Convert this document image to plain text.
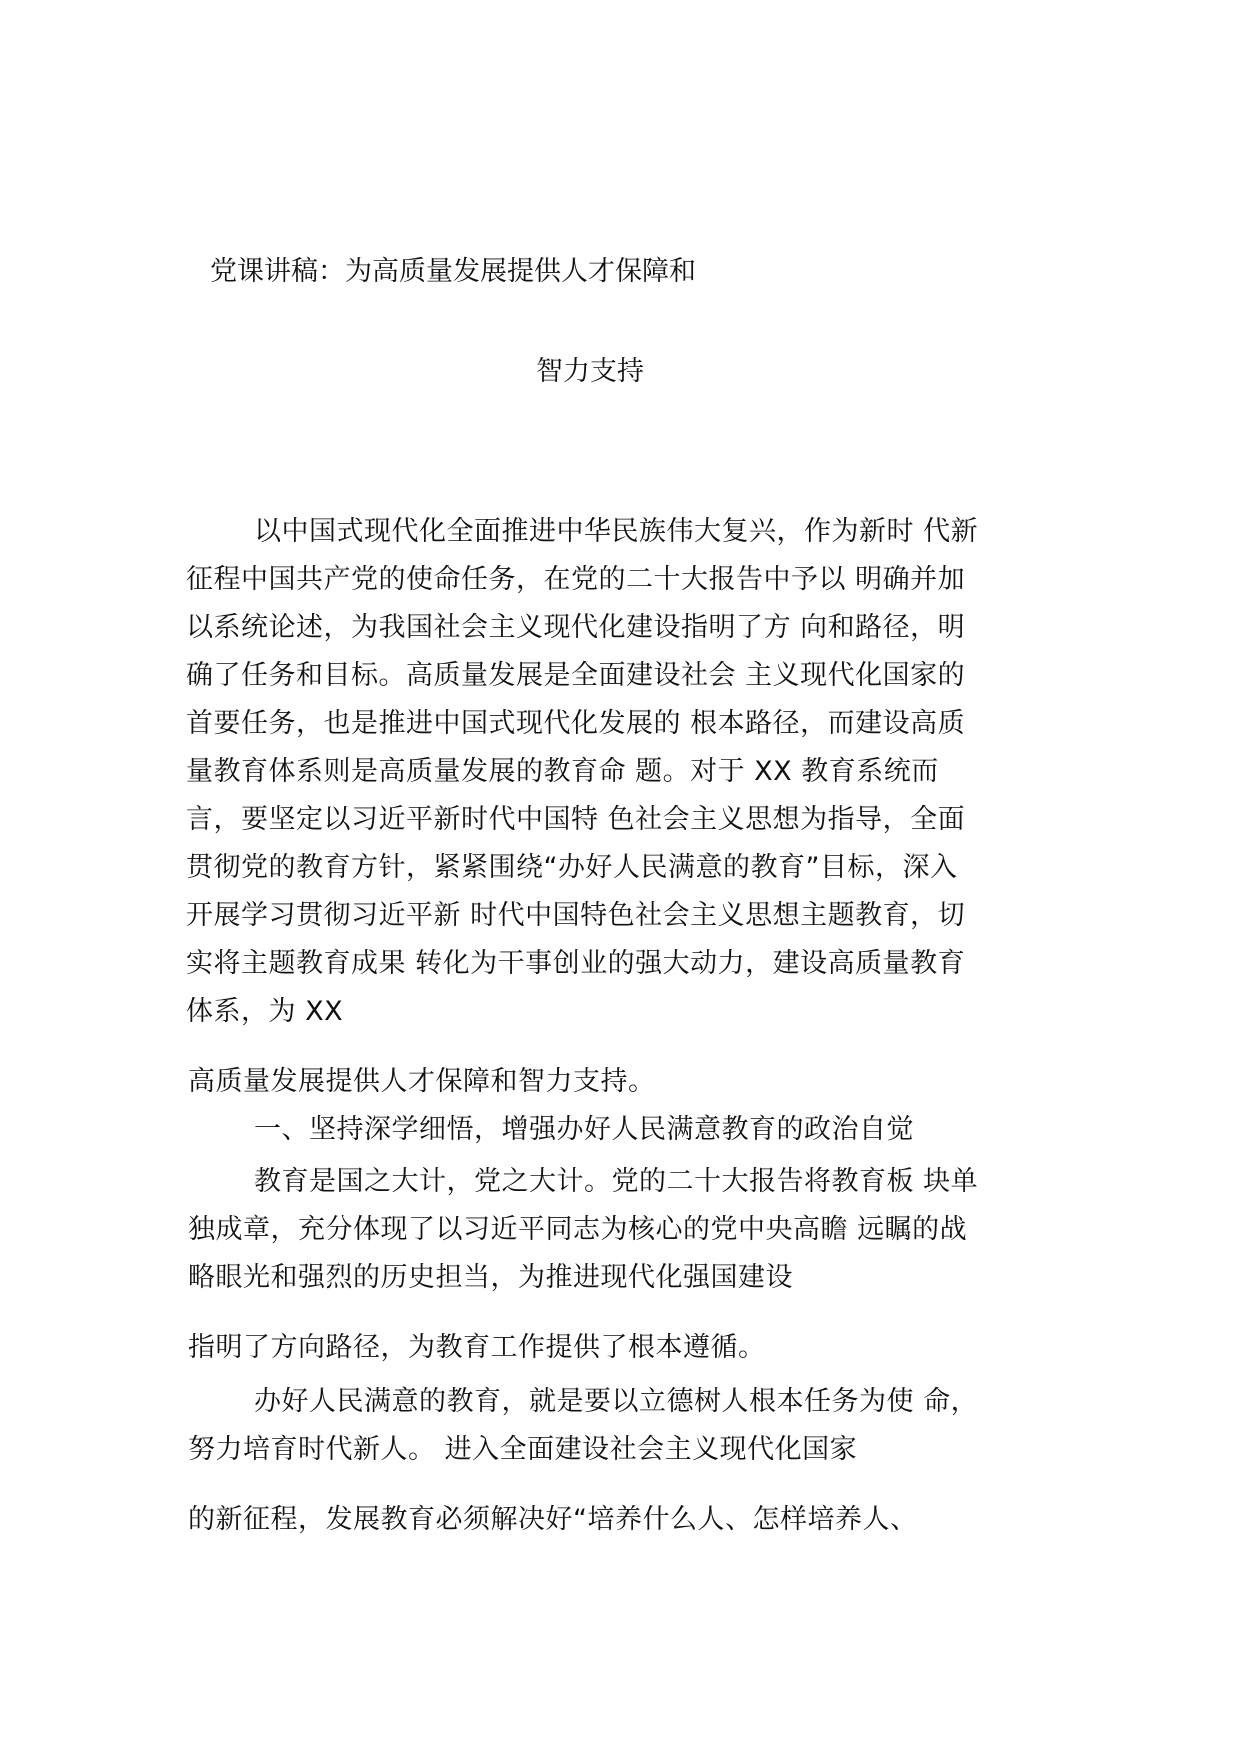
党课讲稿：为高质量发展提供人才保障和
智力支持
以中国式现代化全面推进中华民族伟大复兴，作为新时 代新
征程中国共产党的使命任务，在党的二十大报告中予以 明确并加
以系统论述，为我国社会主义现代化建设指明了方 向和路径，明
确了任务和目标。高质量发展是全面建设社会 主义现代化国家的
首要任务，也是推进中国式现代化发展的 根本路径，而建设高质
量教育体系则是高质量发展的教育命 题。对于 XX 教育系统而
言，要坚定以习近平新时代中国特 色社会主义思想为指导，全面
贯彻党的教育方针，紧紧围绕“办好人民满意的教育”目标，深入
开展学习贯彻习近平新 时代中国特色社会主义思想主题教育，切
实将主题教育成果 转化为干事创业的强大动力，建设高质量教育
体系，为 XX
高质量发展提供人才保障和智力支持。
一、坚持深学细悟，增强办好人民满意教育的政治自觉
教育是国之大计，党之大计。党的二十大报告将教育板 块单
独成章，充分体现了以习近平同志为核心的党中央高瞻 远瞩的战
略眼光和强烈的历史担当，为推进现代化强国建设
指明了方向路径，为教育工作提供了根本遵循。
办好人民满意的教育，就是要以立德树人根本任务为使 命，
努力培育时代新人。 进入全面建设社会主义现代化国家
的新征程，发展教育必须解决好“培养什么人、怎样培养人、
